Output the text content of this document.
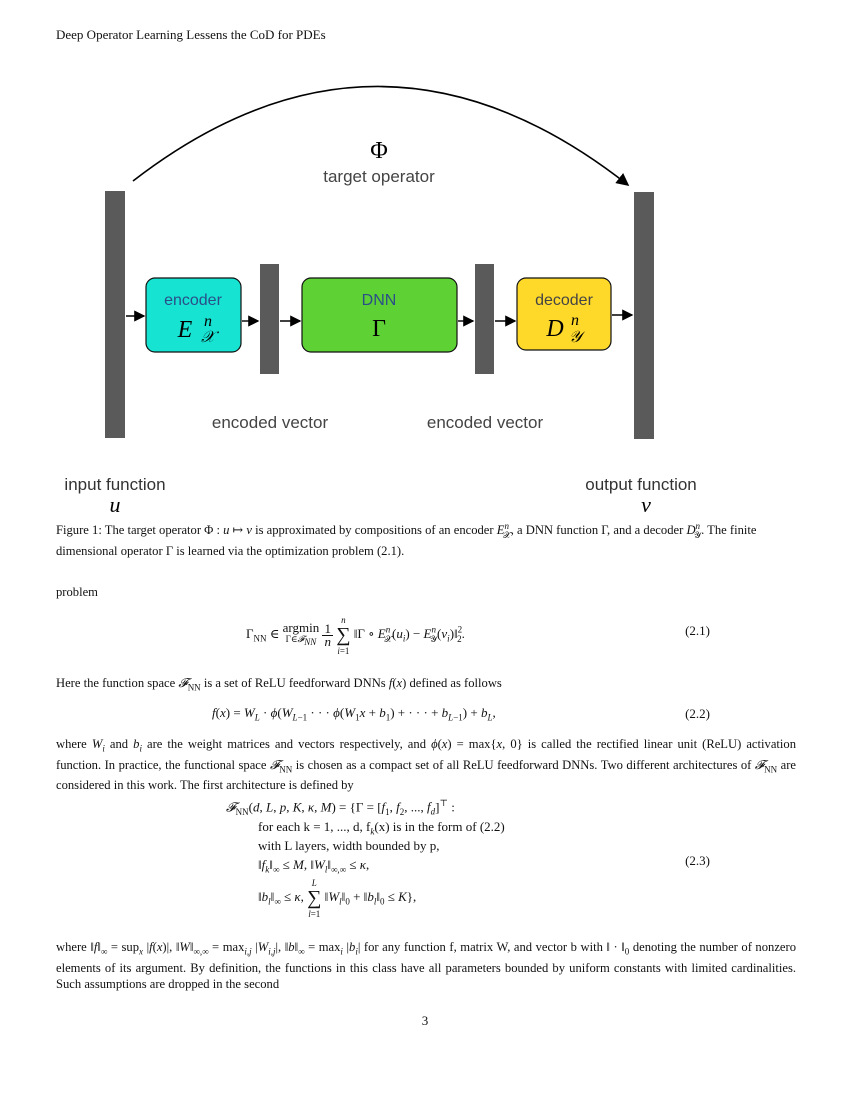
Deep Operator Learning Lessens the CoD for PDEs
Φ
target operator
encoder
E n
𝒳
DNN
Γ
decoder
D n
𝒴
encoded vector	encoded vector
input function
u
output function
v
Figure 1: The target operator Φ : u ↦ v is approximated by compositions of an encoder $E^n_𝒳$, a DNN function Γ, and a decoder $D^n_𝒴$. The finite dimensional operator Γ is learned via the optimization problem (2.1).
problem
$\Gamma_{NN}$ ∈ argmin
Γ∈𝓕$_{NN}$ $\frac{1}{n}$
n
∑
i=1 ‖Γ ∘ $E^n_𝒳(u_i)$ − $E^n_𝒴(v_i)‖^2_2$.	(2.1)
Here the function space 𝓕$_{NN}$ is a set of ReLU feedforward DNNs f(x) defined as follows
$f(x) = W_L \cdot \phi(W_{L-1}$ · · · $\phi(W_1x + b_1)$ + · · · + $b_{L-1}) + b_L$,	(2.2)
where $W_i$ and $b_i$ are the weight matrices and vectors respectively, and ϕ(x) = max{x, 0} is called the rectified linear unit (ReLU) activation function. In practice, the functional space 𝓕$_{NN}$ is chosen as a compact set of all ReLU feedforward DNNs. Two different architectures of 𝓕$_{NN}$ are considered in this work. The first architecture is defined by
𝓕$_{NN}$(d, L, p, K, κ, $M) = \{\Gamma = [f_1$, $f_2$, ..., $f_d]^⊤$ :
for each k = 1, ..., d, $f_k(x)$ is in the form of (2.2)
with L layers, width bounded by p,
$‖f_k‖_\infty \le M$, $‖W_l‖_{\infty,\infty} \le \kappa$,
$‖b_l‖_\infty \le \kappa$, L
∑
l=1 $‖W_l‖_0$ + $‖b_l‖_0 \le K$},
(2.3)
where $‖f‖_\infty = sup_x$ |f(x)|, $‖W‖_{\infty,\infty} = \max_{i,j} |W_{i,j}|$, $‖b‖_\infty = \max_i |b_i|$ for any function f, matrix W, and vector b with ‖ · $‖_0$ denoting the number of nonzero elements of its argument. By definition, the functions in this class have all parameters bounded by uniform constants with limited cardinalities. Such assumptions are dropped in the second
3
